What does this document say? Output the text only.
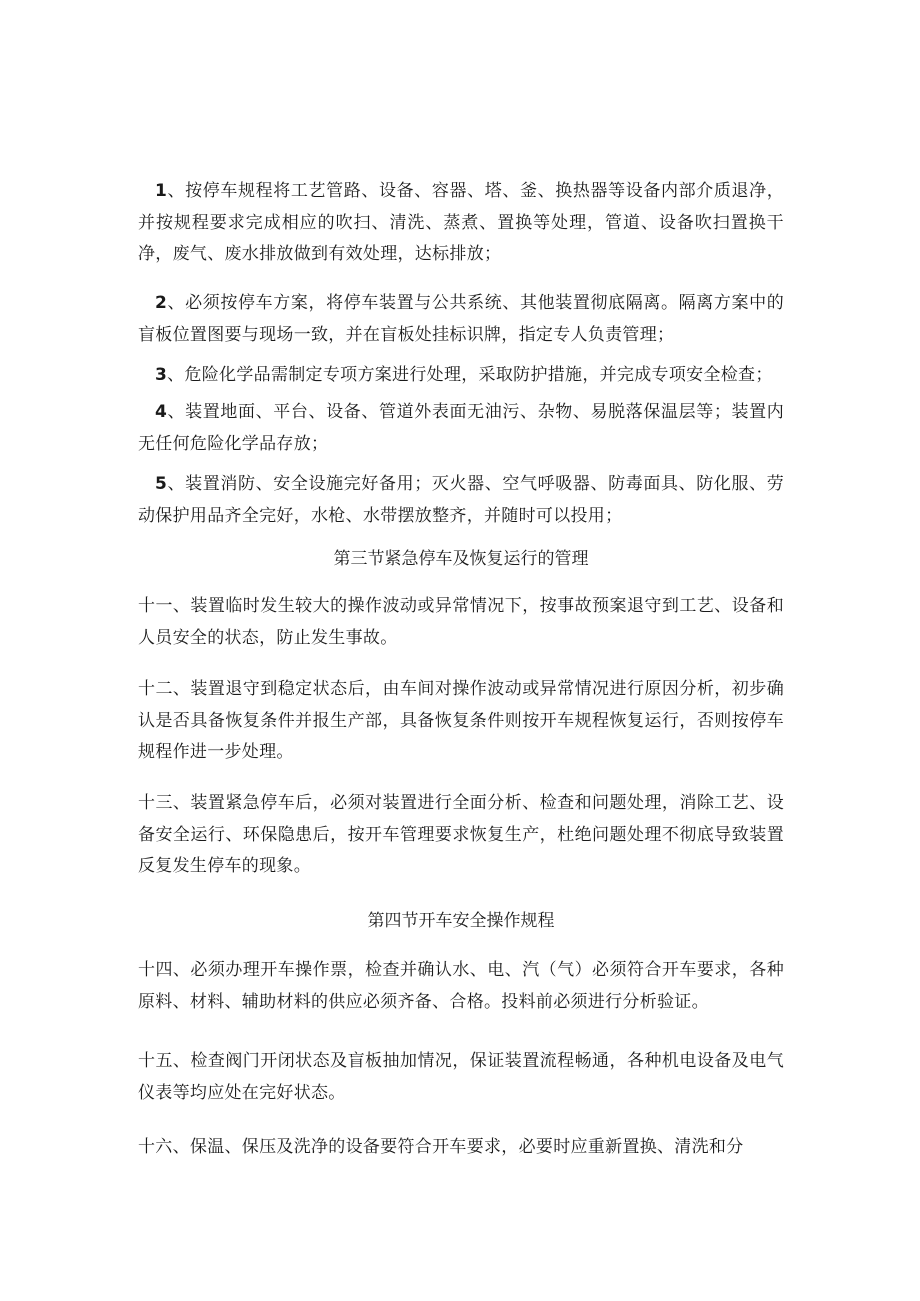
1、按停车规程将工艺管路、设备、容器、塔、釜、换热器等设备内部介质退净，并按规程要求完成相应的吹扫、清洗、蒸煮、置换等处理，管道、设备吹扫置换干净，废气、废水排放做到有效处理，达标排放；

2、必须按停车方案，将停车装置与公共系统、其他装置彻底隔离。隔离方案中的盲板位置图要与现场一致，并在盲板处挂标识牌，指定专人负责管理；

3、危险化学品需制定专项方案进行处理，采取防护措施，并完成专项安全检查；

4、装置地面、平台、设备、管道外表面无油污、杂物、易脱落保温层等；装置内无任何危险化学品存放；

5、装置消防、安全设施完好备用；灭火器、空气呼吸器、防毒面具、防化服、劳动保护用品齐全完好，水枪、水带摆放整齐，并随时可以投用；

第三节紧急停车及恢复运行的管理

十一、装置临时发生较大的操作波动或异常情况下，按事故预案退守到工艺、设备和人员安全的状态，防止发生事故。

十二、装置退守到稳定状态后，由车间对操作波动或异常情况进行原因分析，初步确认是否具备恢复条件并报生产部，具备恢复条件则按开车规程恢复运行，否则按停车规程作进一步处理。

十三、装置紧急停车后，必须对装置进行全面分析、检查和问题处理，消除工艺、设备安全运行、环保隐患后，按开车管理要求恢复生产，杜绝问题处理不彻底导致装置反复发生停车的现象。

第四节开车安全操作规程

十四、必须办理开车操作票，检查并确认水、电、汽（气）必须符合开车要求，各种原料、材料、辅助材料的供应必须齐备、合格。投料前必须进行分析验证。

十五、检查阀门开闭状态及盲板抽加情况，保证装置流程畅通，各种机电设备及电气仪表等均应处在完好状态。

十六、保温、保压及洗净的设备要符合开车要求，必要时应重新置换、清洗和分
